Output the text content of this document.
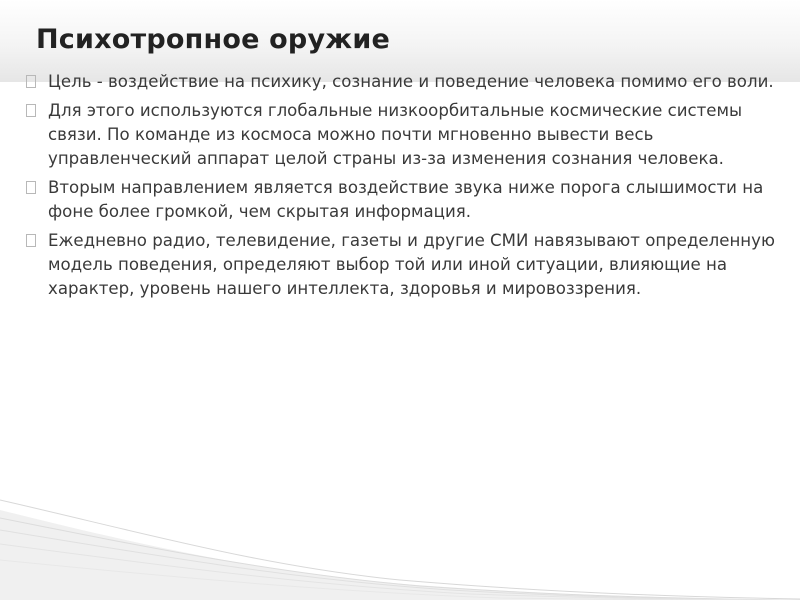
Психотропное оружие
Цель - воздействие на психику, сознание и поведение человека помимо его воли.
Для этого используются глобальные низкоорбитальные космические системы связи. По команде из космоса можно почти мгновенно вывести весь управленческий аппарат целой страны из-за изменения сознания человека.
Вторым направлением является воздействие звука ниже порога слышимости на фоне более громкой, чем скрытая информация.
Ежедневно радио, телевидение, газеты и другие СМИ навязывают определенную модель поведения, определяют выбор той или иной ситуации, влияющие на характер, уровень нашего интеллекта, здоровья и мировоззрения.
